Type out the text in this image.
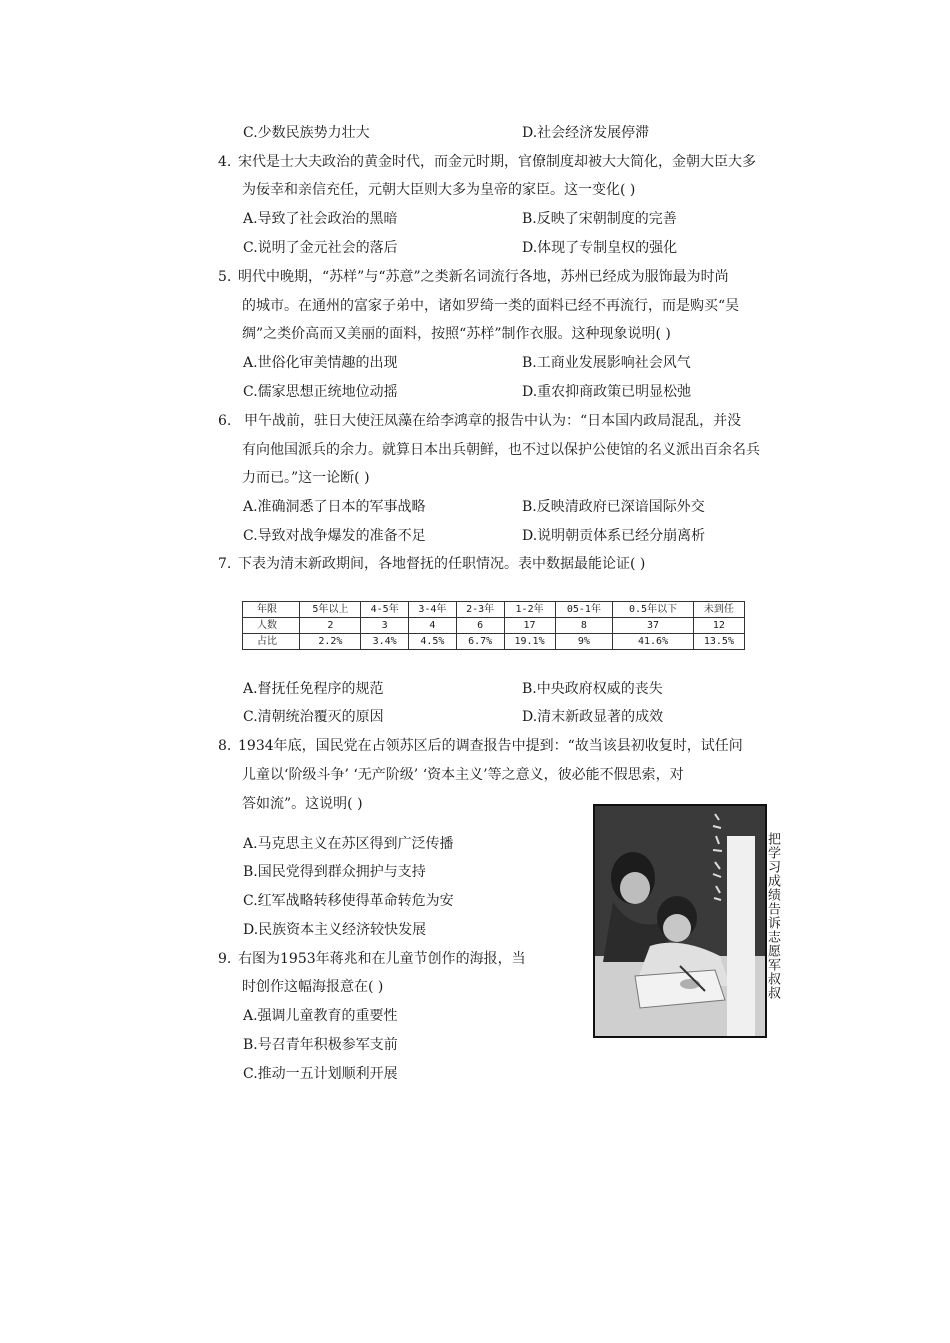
C.少数民族势力壮大	D.社会经济发展停滞
4. 宋代是士大夫政治的黄金时代，而金元时期，官僚制度却被大大简化，金朝大臣大多
为佞幸和亲信充任，元朝大臣则大多为皇帝的家臣。这一变化( )
A.导致了社会政治的黑暗	B.反映了宋朝制度的完善
C.说明了金元社会的落后	D.体现了专制皇权的强化
5. 明代中晚期，“苏样”与“苏意”之类新名词流行各地，苏州已经成为服饰最为时尚
的城市。在通州的富家子弟中，诸如罗绮一类的面料已经不再流行，而是购买“吴
绸”之类价高而又美丽的面料，按照“苏样”制作衣服。这种现象说明( )
A.世俗化审美情趣的出现	B.工商业发展影响社会风气
C.儒家思想正统地位动摇	D.重农抑商政策已明显松弛
6. 甲午战前，驻日大使汪凤藻在给李鸿章的报告中认为：“日本国内政局混乱，并没
有向他国派兵的余力。就算日本出兵朝鲜，也不过以保护公使馆的名义派出百余名兵
力而已。”这一论断( )
A.准确洞悉了日本的军事战略	B.反映清政府已深谙国际外交
C.导致对战争爆发的准备不足	D.说明朝贡体系已经分崩离析
7. 下表为清末新政期间，各地督抚的任职情况。表中数据最能论证( )
年限	5年以上	4-5年	3-4年	2-3年	1-2年	05-1年	0.5年以下	未到任
人数	2	3	4	6	17	8	37	12
占比	2.2%	3.4%	4.5%	6.7%	19.1%	9%	41.6%	13.5%
A.督抚任免程序的规范	B.中央政府权威的丧失
C.清朝统治覆灭的原因	D.清末新政显著的成效
8. 1934年底，国民党在占领苏区后的调查报告中提到：“故当该县初收复时，试任问
儿童以‘阶级斗争’ ‘无产阶级’ ‘资本主义’等之意义，彼必能不假思索，对
答如流”。这说明( )
A.马克思主义在苏区得到广泛传播
B.国民党得到群众拥护与支持
C.红军战略转移使得革命转危为安
D.民族资本主义经济较快发展
9. 右图为1953年蒋兆和在儿童节创作的海报，当
时创作这幅海报意在( )
A.强调儿童教育的重要性
B.号召青年积极参军支前
C.推动一五计划顺利开展
把学习成绩告诉志愿军叔叔
